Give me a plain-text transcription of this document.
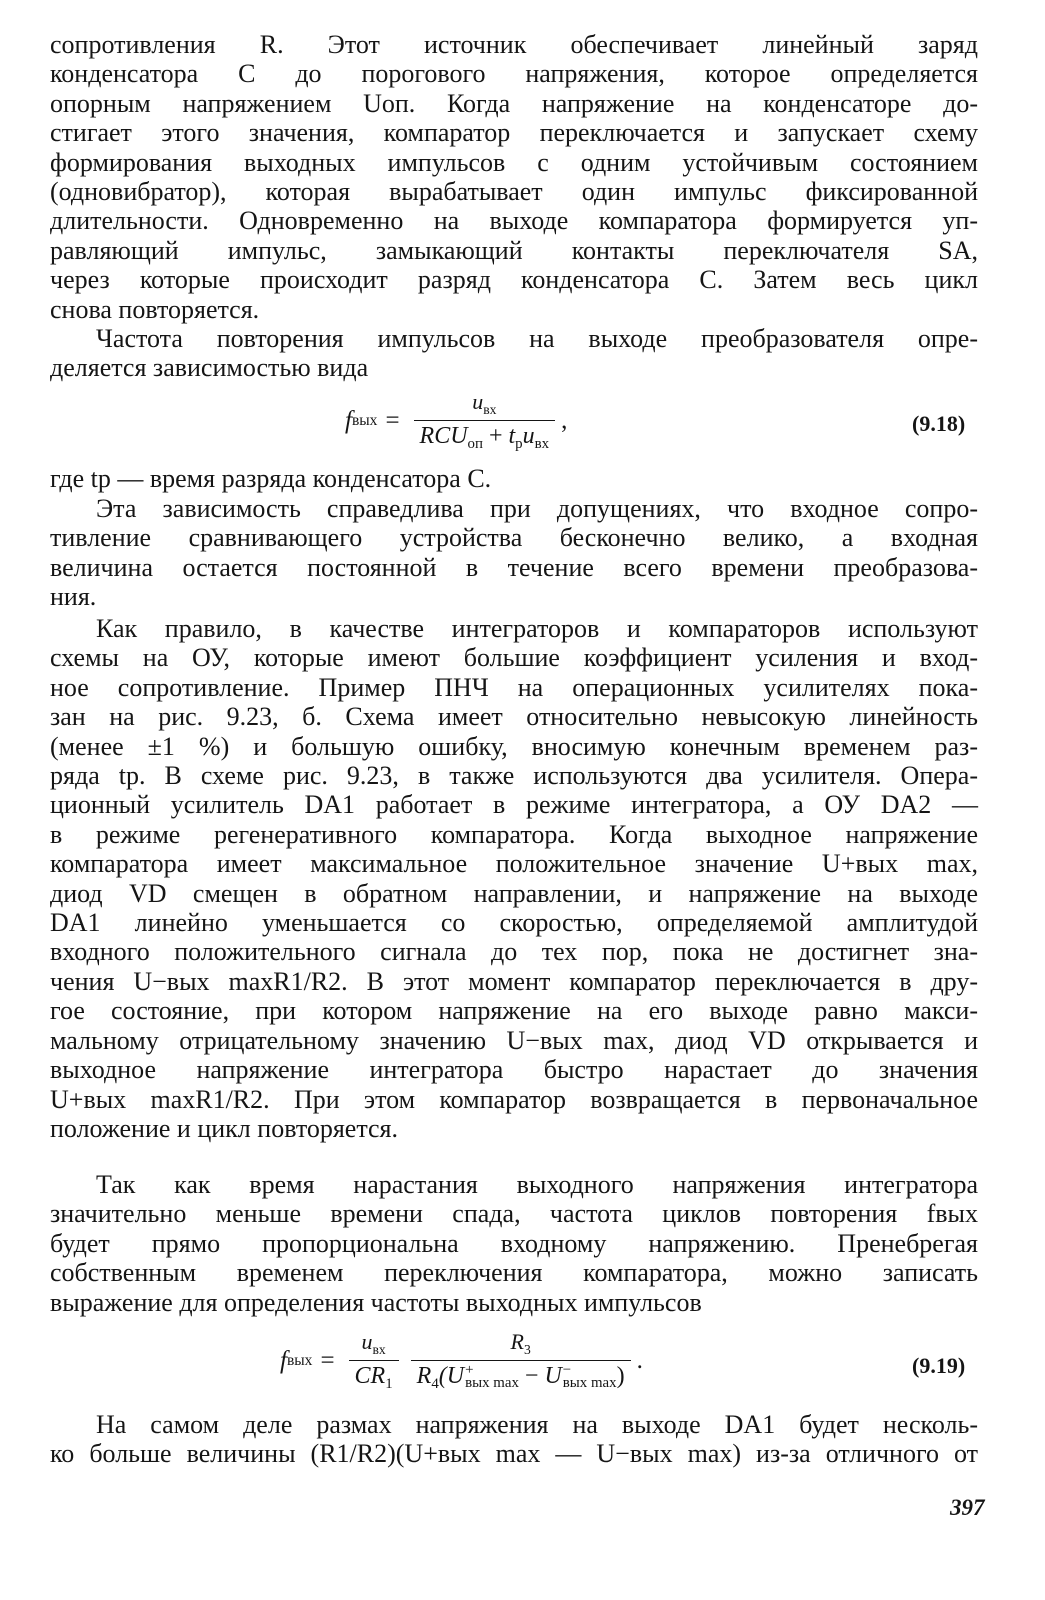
сопротивления R. Этот источник обеспечивает линейный заряд
конденсатора C до порогового напряжения, которое определяется
опорным напряжением Uоп. Когда напряжение на конденсаторе до-
стигает этого значения, компаратор переключается и запускает схему
формирования выходных импульсов с одним устойчивым состоянием
(одновибратор), которая вырабатывает один импульс фиксированной
длительности. Одновременно на выходе компаратора формируется уп-
равляющий импульс, замыкающий контакты переключателя SA,
через которые происходит разряд конденсатора C. Затем весь цикл
снова повторяется.
Частота повторения импульсов на выходе преобразователя опре-
деляется зависимостью вида
f вых = $\frac{u_{вх}}{RCU_{оп} + t_рu_{вх}}$ ,	(9.18)
где tр — время разряда конденсатора C.
Эта зависимость справедлива при допущениях, что входное сопро-
тивление сравнивающего устройства бесконечно велико, а входная
величина остается постоянной в течение всего времени преобразова-
ния.
Как правило, в качестве интеграторов и компараторов используют
схемы на ОУ, которые имеют большие коэффициент усиления и вход-
ное сопротивление. Пример ПНЧ на операционных усилителях пока-
зан на рис. 9.23, б. Схема имеет относительно невысокую линейность
(менее ±1 %) и большую ошибку, вносимую конечным временем раз-
ряда tр. В схеме рис. 9.23, в также используются два усилителя. Опера-
ционный усилитель DA1 работает в режиме интегратора, а ОУ DA2 —
в режиме регенеративного компаратора. Когда выходное напряжение
компаратора имеет максимальное положительное значение U+вых max,
диод VD смещен в обратном направлении, и напряжение на выходе
DA1 линейно уменьшается со скоростью, определяемой амплитудой
входного положительного сигнала до тех пор, пока не достигнет зна-
чения U−вых maxR1/R2. В этот момент компаратор переключается в дру-
гое состояние, при котором напряжение на его выходе равно макси-
мальному отрицательному значению U−вых max, диод VD открывается и
выходное напряжение интегратора быстро нарастает до значения
U+вых maxR1/R2. При этом компаратор возвращается в первоначальное
положение и цикл повторяется.
Так как время нарастания выходного напряжения интегратора
значительно меньше времени спада, частота циклов повторения fвых
будет прямо пропорциональна входному напряжению. Пренебрегая
собственным временем переключения компаратора, можно записать
выражение для определения частоты выходных импульсов
f вых = $\frac{u_{вх}}{CR_1} R_3$
$R_4(U$ +
вых max − U −
вых max ) .	(9.19)
На самом деле размах напряжения на выходе DA1 будет несколь-
ко больше величины (R1/R2)(U+вых max — U−вых max) из-за отличного от
397
